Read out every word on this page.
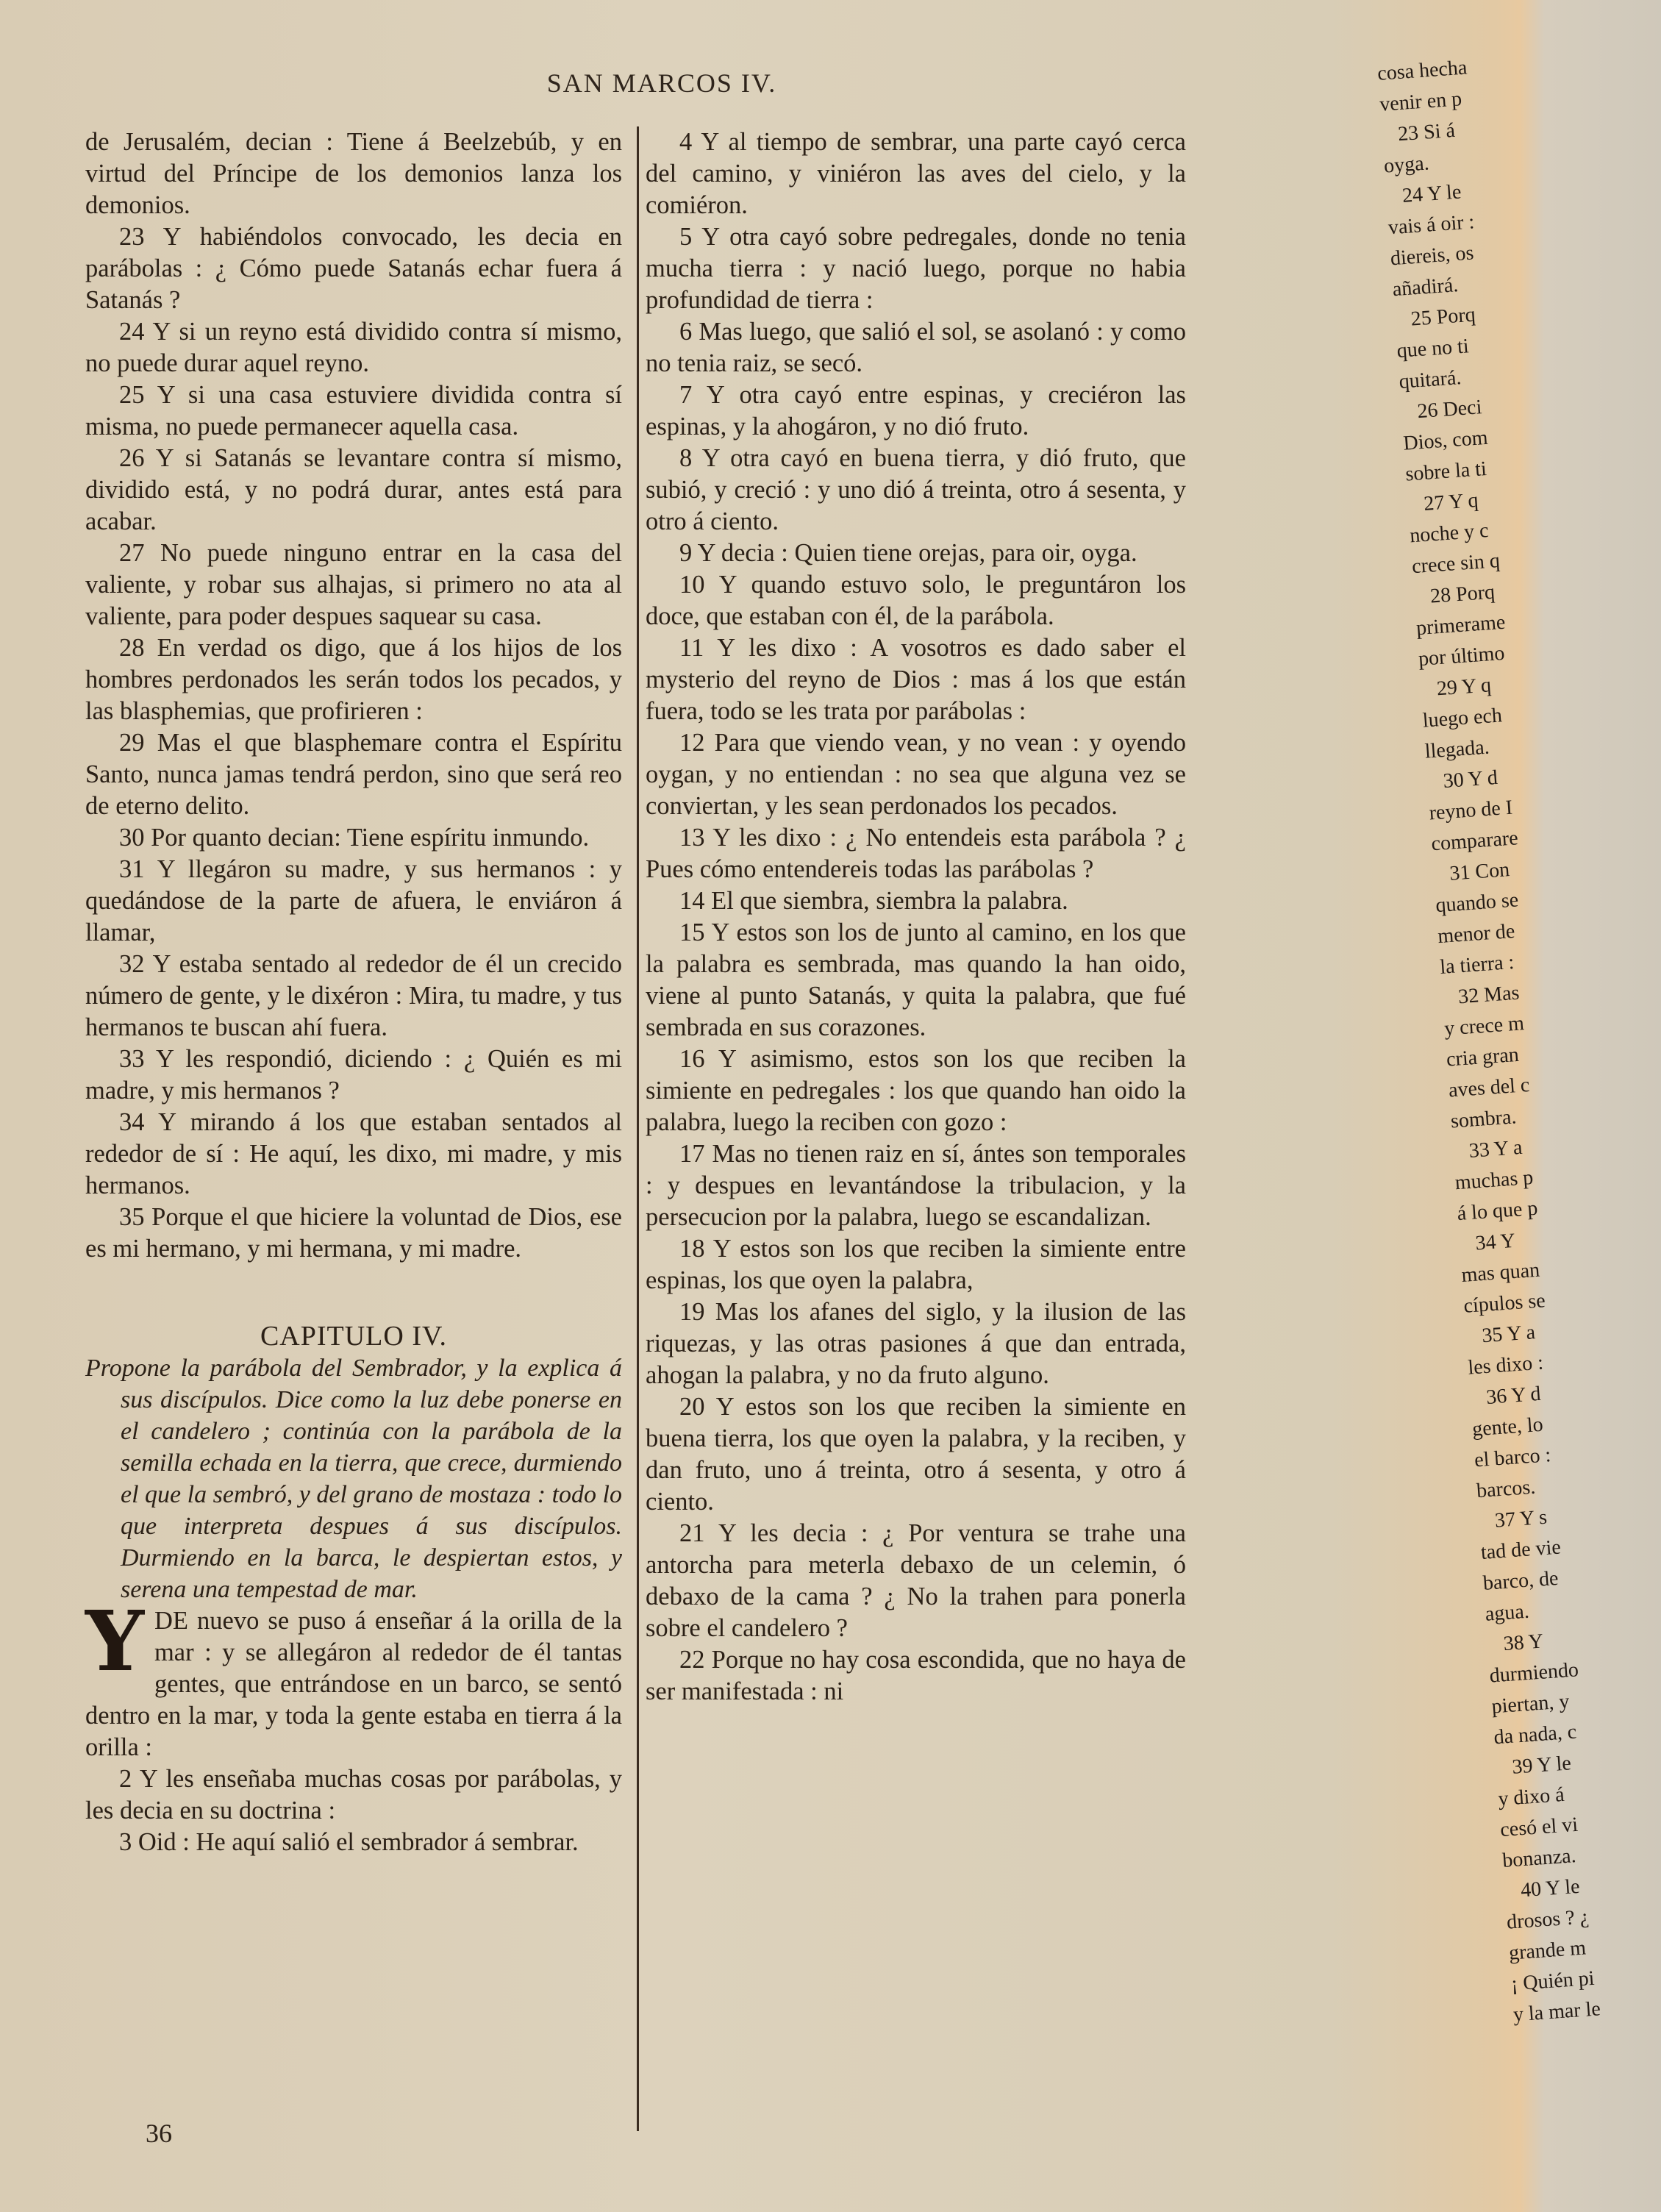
SAN MARCOS IV.

de Jerusalém, decian : Tiene á Beelzebúb, y en virtud del Príncipe de los demonios lanza los demonios.

23 Y habiéndolos convocado, les decia en parábolas : ¿ Cómo puede Satanás echar fuera á Satanás ?

24 Y si un reyno está dividido contra sí mismo, no puede durar aquel reyno.

25 Y si una casa estuviere dividida contra sí misma, no puede permanecer aquella casa.

26 Y si Satanás se levantare contra sí mismo, dividido está, y no podrá durar, antes está para acabar.

27 No puede ninguno entrar en la casa del valiente, y robar sus alhajas, si primero no ata al valiente, para poder despues saquear su casa.

28 En verdad os digo, que á los hijos de los hombres perdonados les serán todos los pecados, y las blasphemias, que profirieren :

29 Mas el que blasphemare contra el Espíritu Santo, nunca jamas tendrá perdon, sino que será reo de eterno delito.

30 Por quanto decian: Tiene espíritu inmundo.

31 Y llegáron su madre, y sus hermanos : y quedándose de la parte de afuera, le enviáron á llamar,

32 Y estaba sentado al rededor de él un crecido número de gente, y le dixéron : Mira, tu madre, y tus hermanos te buscan ahí fuera.

33 Y les respondió, diciendo : ¿ Quién es mi madre, y mis hermanos ?

34 Y mirando á los que estaban sentados al rededor de sí : He aquí, les dixo, mi madre, y mis hermanos.

35 Porque el que hiciere la voluntad de Dios, ese es mi hermano, y mi hermana, y mi madre.

CAPITULO IV.

Propone la parábola del Sembrador, y la explica á sus discípulos. Dice como la luz debe ponerse en el candelero ; continúa con la parábola de la semilla echada en la tierra, que crece, durmiendo el que la sembró, y del grano de mostaza : todo lo que interpreta despues á sus discípulos. Durmiendo en la barca, le despiertan estos, y serena una tempestad de mar.

YDE nuevo se puso á enseñar á la orilla de la mar : y se allegáron al rededor de él tantas gentes, que entrándose en un barco, se sentó dentro en la mar, y toda la gente estaba en tierra á la orilla :

2 Y les enseñaba muchas cosas por parábolas, y les decia en su doctrina :

3 Oid : He aquí salió el sembrador á sembrar.

4 Y al tiempo de sembrar, una parte cayó cerca del camino, y viniéron las aves del cielo, y la comiéron.

5 Y otra cayó sobre pedregales, donde no tenia mucha tierra : y nació luego, porque no habia profundidad de tierra :

6 Mas luego, que salió el sol, se asolanó : y como no tenia raiz, se secó.

7 Y otra cayó entre espinas, y creciéron las espinas, y la ahogáron, y no dió fruto.

8 Y otra cayó en buena tierra, y dió fruto, que subió, y creció : y uno dió á treinta, otro á sesenta, y otro á ciento.

9 Y decia : Quien tiene orejas, para oir, oyga.

10 Y quando estuvo solo, le preguntáron los doce, que estaban con él, de la parábola.

11 Y les dixo : A vosotros es dado saber el mysterio del reyno de Dios : mas á los que están fuera, todo se les trata por parábolas :

12 Para que viendo vean, y no vean : y oyendo oygan, y no entiendan : no sea que alguna vez se conviertan, y les sean perdonados los pecados.

13 Y les dixo : ¿ No entendeis esta parábola ? ¿ Pues cómo entendereis todas las parábolas ?

14 El que siembra, siembra la palabra.

15 Y estos son los de junto al camino, en los que la palabra es sembrada, mas quando la han oido, viene al punto Satanás, y quita la palabra, que fué sembrada en sus corazones.

16 Y asimismo, estos son los que reciben la simiente en pedregales : los que quando han oido la palabra, luego la reciben con gozo :

17 Mas no tienen raiz en sí, ántes son temporales : y despues en levantándose la tribulacion, y la persecucion por la palabra, luego se escandalizan.

18 Y estos son los que reciben la simiente entre espinas, los que oyen la palabra,

19 Mas los afanes del siglo, y la ilusion de las riquezas, y las otras pasiones á que dan entrada, ahogan la palabra, y no da fruto alguno.

20 Y estos son los que reciben la simiente en buena tierra, los que oyen la palabra, y la reciben, y dan fruto, uno á treinta, otro á sesenta, y otro á ciento.

21 Y les decia : ¿ Por ventura se trahe una antorcha para meterla debaxo de un celemin, ó debaxo de la cama ? ¿ No la trahen para ponerla sobre el candelero ?

22 Porque no hay cosa escondida, que no haya de ser manifestada : ni

36
cosa hecha
venir en p
23 Si á
oyga.
24 Y le
vais á oir :
diereis, os
añadirá.
25 Porq
que no ti
quitará.
26 Deci
Dios, com
sobre la ti
27 Y q
noche y c
crece sin q
28 Porq
primerame
por último
29 Y q
luego ech
llegada.
30 Y d
reyno de I
comparare
31 Con
quando se
menor de
la tierra :
32 Mas
y crece m
cria gran
aves del c
sombra.
33 Y a
muchas p
á lo que p
34 Y
mas quan
cípulos se
35 Y a
les dixo :
36 Y d
gente, lo
el barco :
barcos.
37 Y s
tad de vie
barco, de
agua.
38 Y
durmiendo
piertan, y
da nada, c
39 Y le
y dixo á
cesó el vi
bonanza.
40 Y le
drosos ? ¿
grande m
¡ Quién pi
y la mar le
